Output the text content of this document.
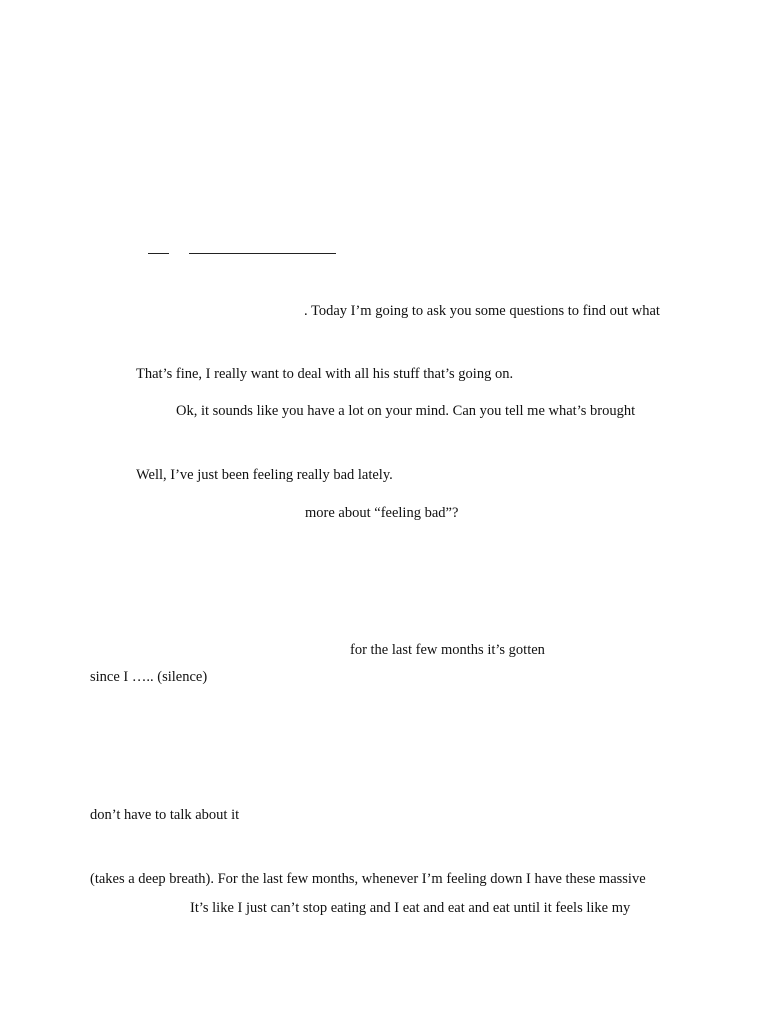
. Today I’m going to ask you some questions to find out what
That’s fine, I really want to deal with all his stuff that’s going on.
Ok, it sounds like you have a lot on your mind. Can you tell me what’s brought
Well, I’ve just been feeling really bad lately.
more about “feeling bad”?
for the last few months it’s gotten
since I ….. (silence)
don’t have to talk about it
(takes a deep breath). For the last few months, whenever I’m feeling down I have these massive
It’s like I just can’t stop eating and I eat and eat and eat until it feels like my
